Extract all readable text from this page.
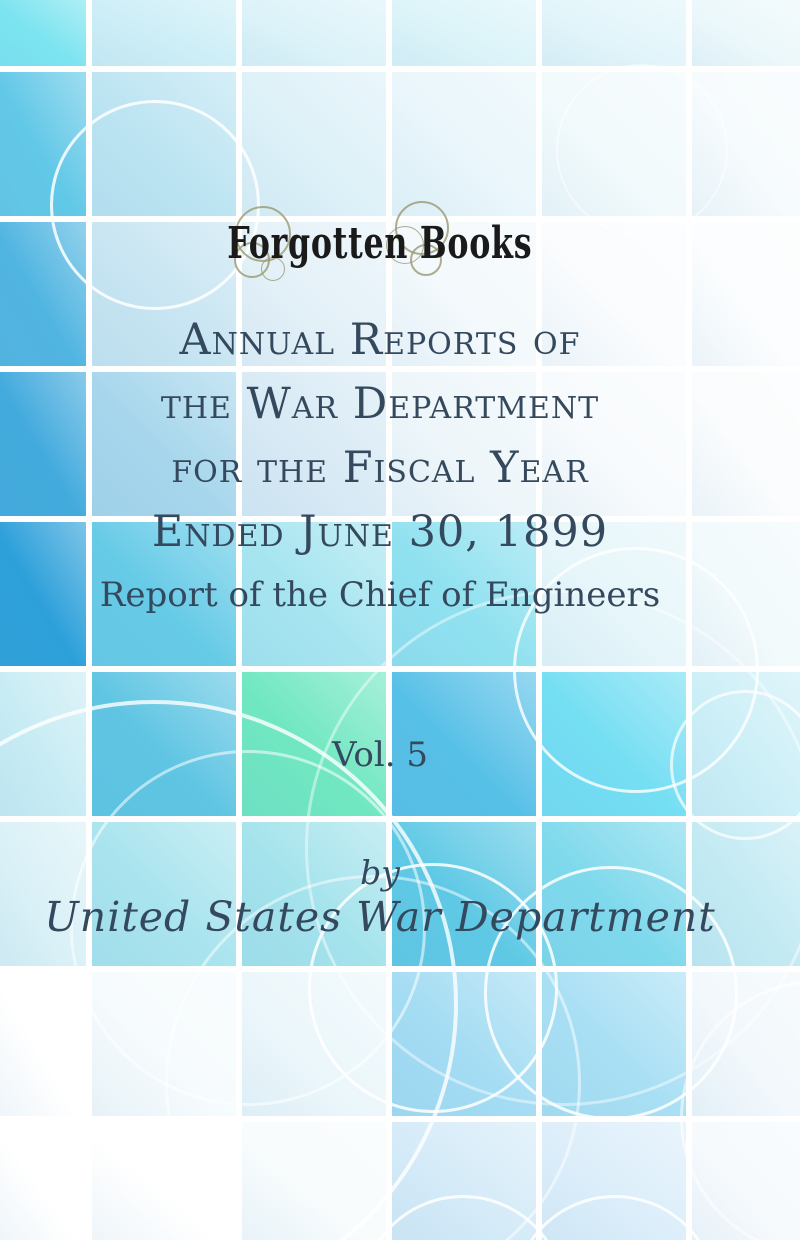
Forgotten Books
Annual Reports of
the War Department
for the Fiscal Year
Ended June 30, 1899
Report of the Chief of Engineers
Vol. 5
by
United States War Department
